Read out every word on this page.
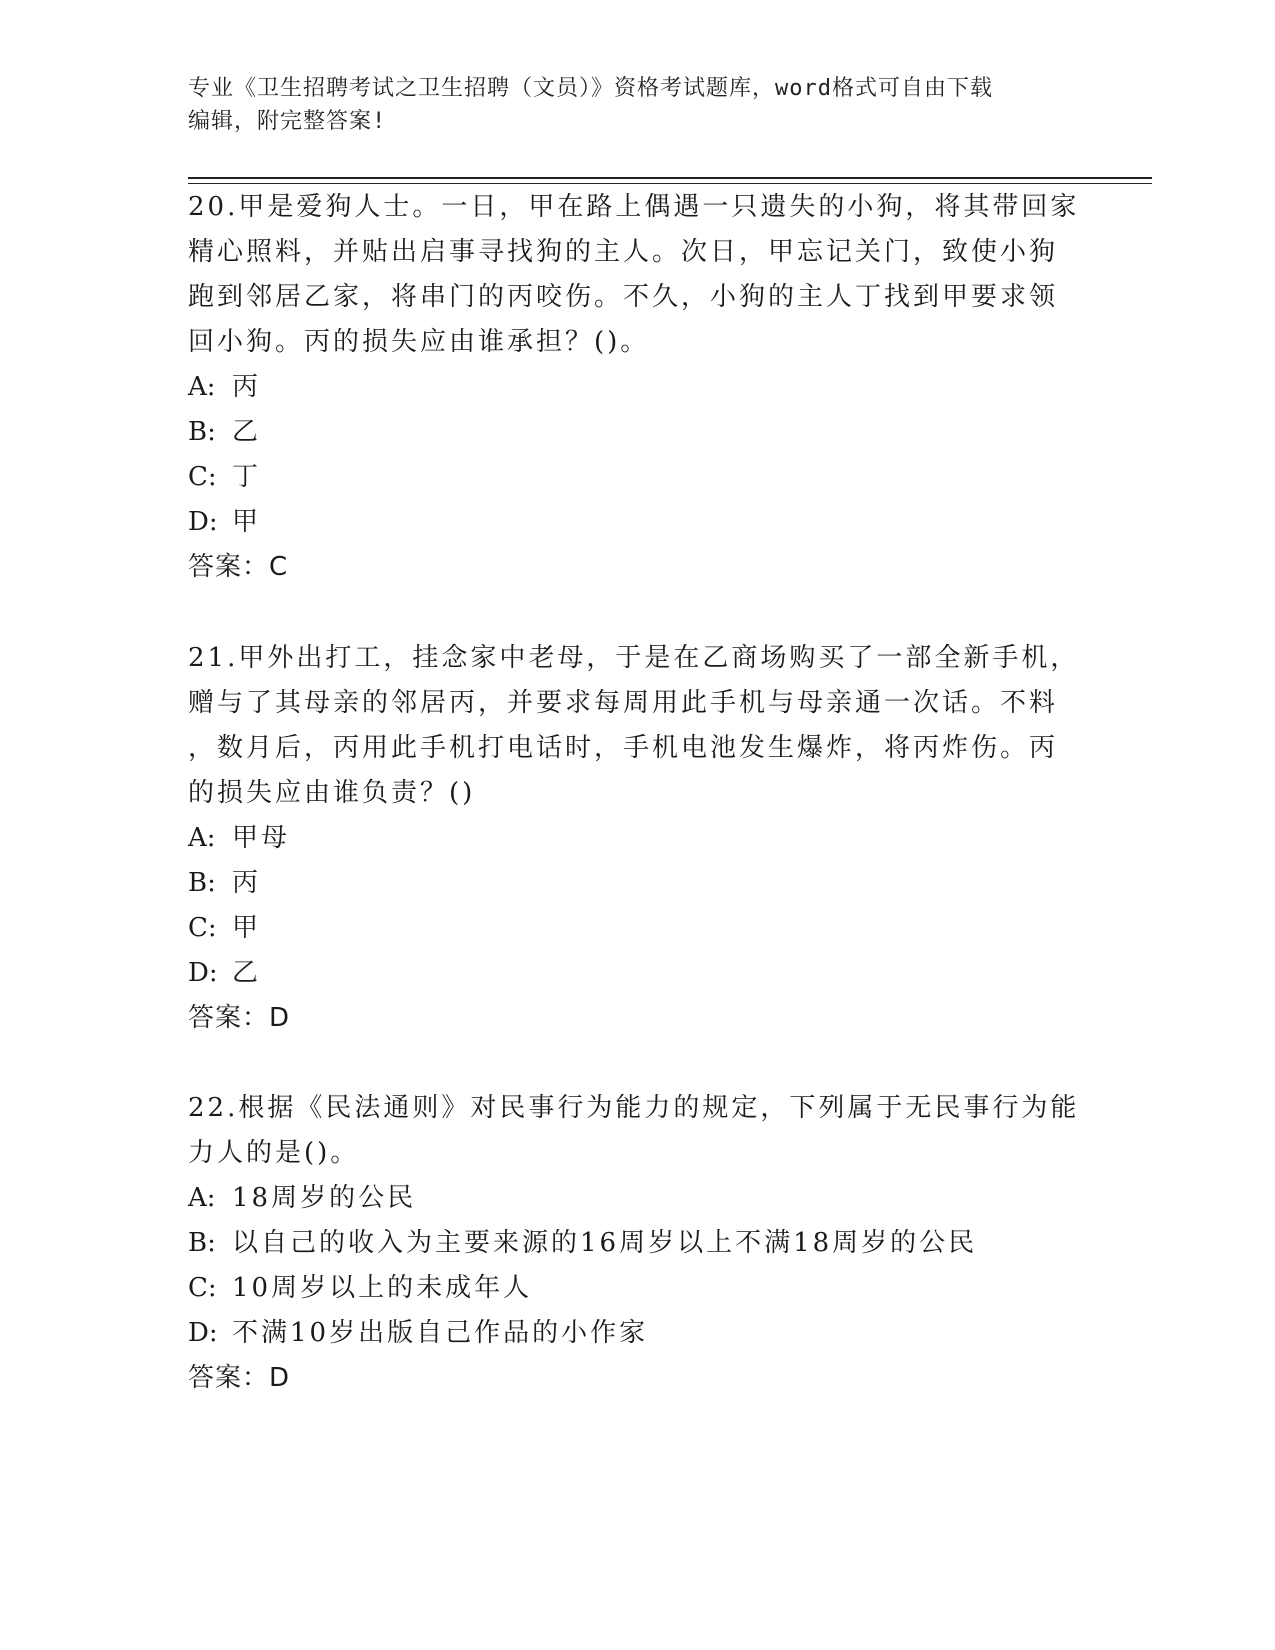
专业《卫生招聘考试之卫生招聘（文员）》资格考试题库，word格式可自由下载
编辑，附完整答案!

20.甲是爱狗人士。一日，甲在路上偶遇一只遗失的小狗，将其带回家

精心照料，并贴出启事寻找狗的主人。次日，甲忘记关门，致使小狗

跑到邻居乙家，将串门的丙咬伤。不久，小狗的主人丁找到甲要求领

回小狗。丙的损失应由谁承担？()。

A: 丙

B: 乙

C: 丁

D: 甲

答案：C

21.甲外出打工，挂念家中老母，于是在乙商场购买了一部全新手机，

赠与了其母亲的邻居丙，并要求每周用此手机与母亲通一次话。不料

，数月后，丙用此手机打电话时，手机电池发生爆炸，将丙炸伤。丙

的损失应由谁负责？()

A: 甲母

B: 丙

C: 甲

D: 乙

答案：D

22.根据《民法通则》对民事行为能力的规定，下列属于无民事行为能

力人的是()。

A: 18周岁的公民

B: 以自己的收入为主要来源的16周岁以上不满18周岁的公民

C: 10周岁以上的未成年人

D: 不满10岁出版自己作品的小作家

答案：D
